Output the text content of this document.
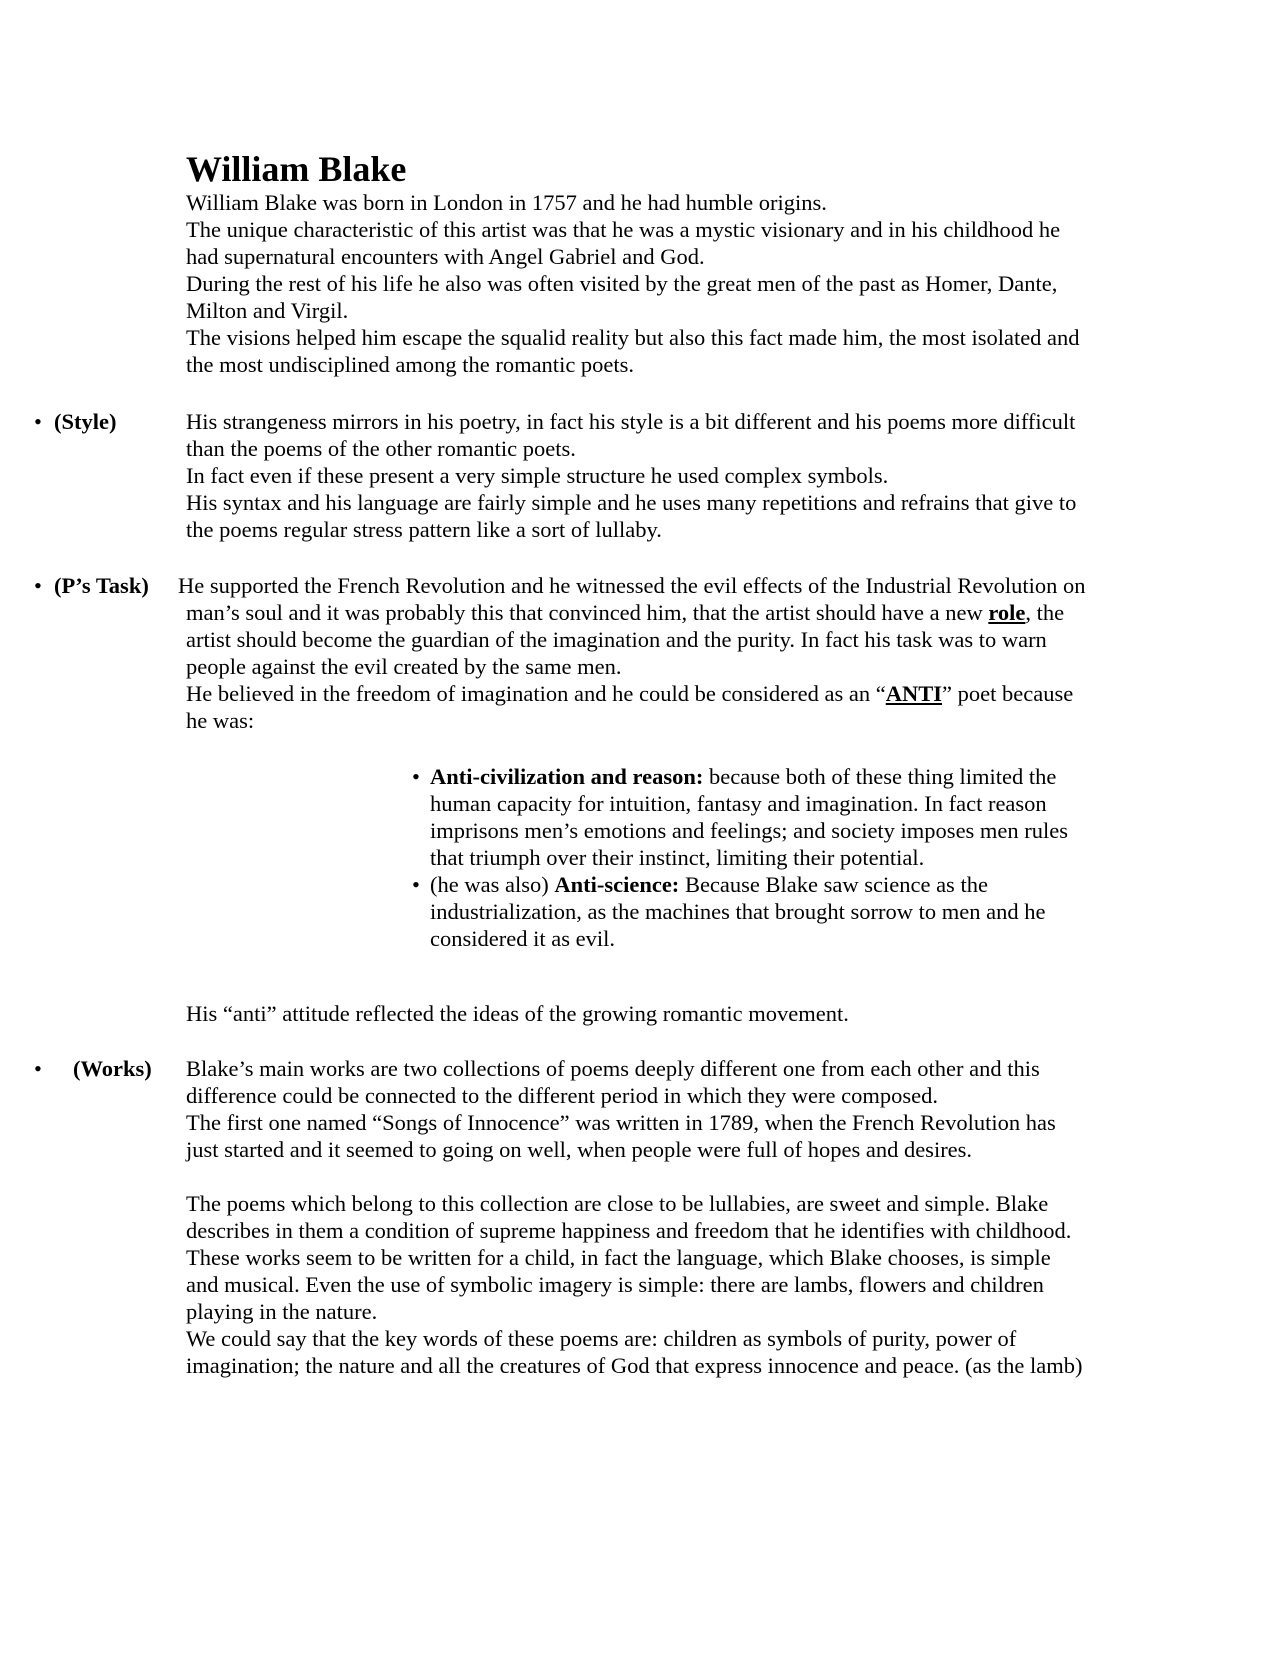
William Blake

William Blake was born in London in 1757 and he had humble origins.

The unique characteristic of this artist was that he was a mystic visionary and in his childhood he had supernatural encounters with Angel Gabriel and God.

During the rest of his life he also was often visited by the great men of the past as Homer, Dante, Milton and Virgil.

The visions helped him escape the squalid reality but also this fact made him, the most isolated and the most undisciplined among the romantic poets.

• (Style)	His strangeness mirrors in his poetry, in fact his style is a bit different and his poems more difficult than the poems of the other romantic poets.

In fact even if these present a very simple structure he used complex symbols.

His syntax and his language are fairly simple and he uses many repetitions and refrains that give to the poems regular stress pattern like a sort of lullaby.

• (P’s Task) He supported the French Revolution and he witnessed the evil effects of the Industrial Revolution on man’s soul and it was probably this that convinced him, that the artist should have a new role, the artist should become the guardian of the imagination and the purity. In fact his task was to warn people against the evil created by the same men.

He believed in the freedom of imagination and he could be considered as an “ANTI” poet because he was:

• Anti-civilization and reason: because both of these thing limited the human capacity for intuition, fantasy and imagination. In fact reason imprisons men’s emotions and feelings; and society imposes men rules that triumph over their instinct, limiting their potential.
• (he was also) Anti-science: Because Blake saw science as the industrialization, as the machines that brought sorrow to men and he considered it as evil.
His “anti” attitude reflected the ideas of the growing romantic movement.
• (Works) Blake’s main works are two collections of poems deeply different one from each other and this difference could be connected to the different period in which they were composed.

The first one named “Songs of Innocence” was written in 1789, when the French Revolution has just started and it seemed to going on well, when people were full of hopes and desires.

The poems which belong to this collection are close to be lullabies, are sweet and simple. Blake describes in them a condition of supreme happiness and freedom that he identifies with childhood. These works seem to be written for a child, in fact the language, which Blake chooses, is simple and musical. Even the use of symbolic imagery is simple: there are lambs, flowers and children playing in the nature.

We could say that the key words of these poems are: children as symbols of purity, power of imagination; the nature and all the creatures of God that express innocence and peace. (as the lamb)
